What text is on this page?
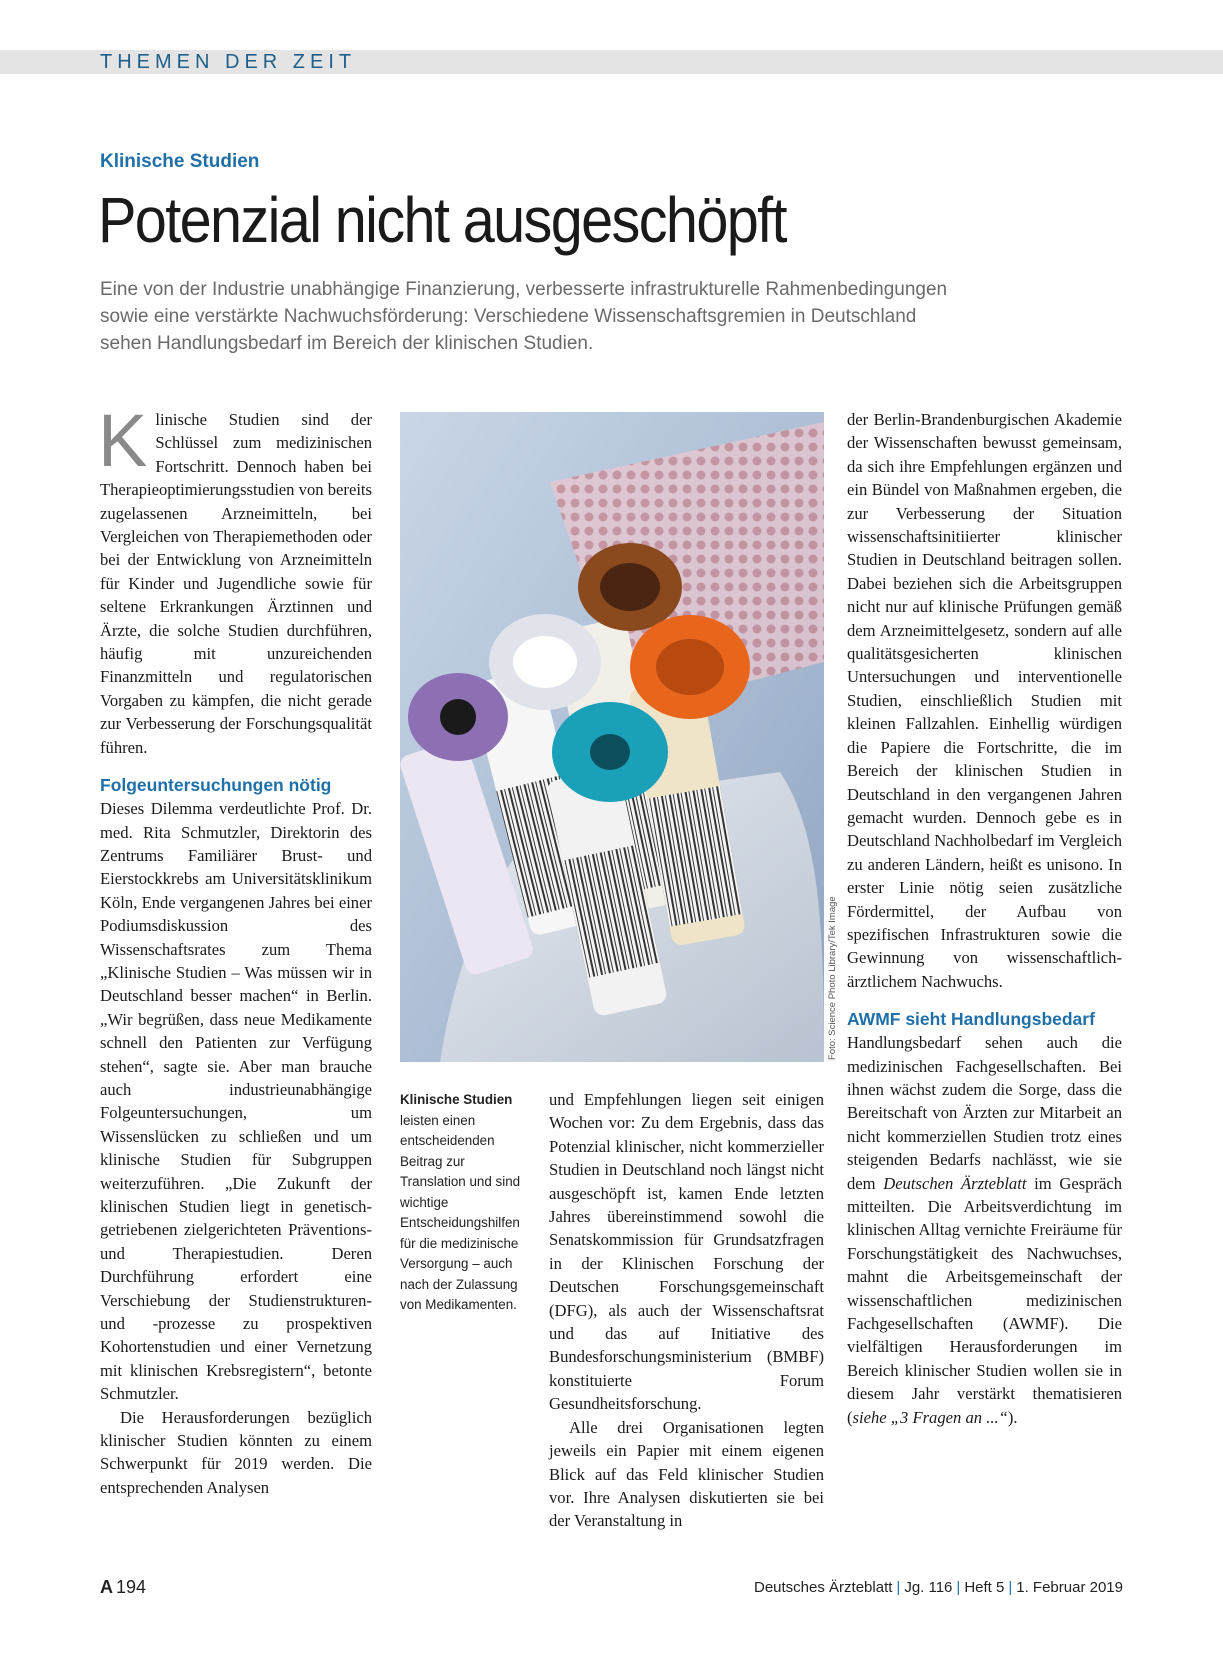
THEMEN DER ZEIT
Klinische Studien
Potenzial nicht ausgeschöpft
Eine von der Industrie unabhängige Finanzierung, verbesserte infrastrukturelle Rahmenbedingungen
sowie eine verstärkte Nachwuchsförderung: Verschiedene Wissenschaftsgremien in Deutschland
sehen Handlungsbedarf im Bereich der klinischen Studien.

Klinische Studien sind der Schlüssel zum medizinischen Fortschritt. Dennoch haben bei Therapieoptimierungsstudien von bereits zugelassenen Arzneimitteln, bei Vergleichen von Therapiemethoden oder bei der Entwicklung von Arzneimitteln für Kinder und Jugendliche sowie für seltene Erkrankungen Ärztinnen und Ärzte, die solche Studien durchführen, häufig mit unzureichenden Finanzmitteln und regulatorischen Vorgaben zu kämpfen, die nicht gerade zur Verbesserung der Forschungsqualität führen.

Folgeuntersuchungen nötig

Dieses Dilemma verdeutlichte Prof. Dr. med. Rita Schmutzler, Direktorin des Zentrums Familiärer Brust- und Eierstockkrebs am Universitätsklinikum Köln, Ende vergangenen Jahres bei einer Podiumsdiskussion des Wissenschaftsrates zum Thema „Klinische Studien – Was müssen wir in Deutschland besser machen“ in Berlin. „Wir begrüßen, dass neue Medikamente schnell den Patienten zur Verfügung stehen“, sagte sie. Aber man brauche auch industrieunabhängige Folgeuntersuchungen, um Wissenslücken zu schließen und um klinische Studien für Subgruppen weiterzuführen. „Die Zukunft der klinischen Studien liegt in genetisch-getriebenen zielgerichteten Präventions- und Therapiestudien. Deren Durchführung erfordert eine Verschiebung der Studienstrukturen- und -prozesse zu prospektiven Kohortenstudien und einer Vernetzung mit klinischen Krebsregistern“, betonte Schmutzler.

Die Herausforderungen bezüglich klinischer Studien könnten zu einem Schwerpunkt für 2019 werden. Die entsprechenden Analysen

Foto: Science Photo Library/Tek Image
Klinische Studien leisten einen entscheidenden Beitrag zur Translation und sind wichtige Entscheidungshilfen für die medizinische Versorgung – auch nach der Zulassung von Medikamenten.

und Empfehlungen liegen seit einigen Wochen vor: Zu dem Ergebnis, dass das Potenzial klinischer, nicht kommerzieller Studien in Deutschland noch längst nicht ausgeschöpft ist, kamen Ende letzten Jahres übereinstimmend sowohl die Senatskommission für Grundsatzfragen in der Klinischen Forschung der Deutschen Forschungsgemeinschaft (DFG), als auch der Wissenschaftsrat und das auf Initiative des Bundesforschungsministerium (BMBF) konstituierte Forum Gesundheitsforschung.

Alle drei Organisationen legten jeweils ein Papier mit einem eigenen Blick auf das Feld klinischer Studien vor. Ihre Analysen diskutierten sie bei der Veranstaltung in

der Berlin-Brandenburgischen Akademie der Wissenschaften bewusst gemeinsam, da sich ihre Empfehlungen ergänzen und ein Bündel von Maßnahmen ergeben, die zur Verbesserung der Situation wissenschaftsinitiierter klinischer Studien in Deutschland beitragen sollen. Dabei beziehen sich die Arbeitsgruppen nicht nur auf klinische Prüfungen gemäß dem Arzneimittelgesetz, sondern auf alle qualitätsgesicherten klinischen Untersuchungen und interventionelle Studien, einschließlich Studien mit kleinen Fallzahlen. Einhellig würdigen die Papiere die Fortschritte, die im Bereich der klinischen Studien in Deutschland in den vergangenen Jahren gemacht wurden. Dennoch gebe es in Deutschland Nachholbedarf im Vergleich zu anderen Ländern, heißt es unisono. In erster Linie nötig seien zusätzliche Fördermittel, der Aufbau von spezifischen Infrastrukturen sowie die Gewinnung von wissenschaftlich-ärztlichem Nachwuchs.

AWMF sieht Handlungsbedarf

Handlungsbedarf sehen auch die medizinischen Fachgesellschaften. Bei ihnen wächst zudem die Sorge, dass die Bereitschaft von Ärzten zur Mitarbeit an nicht kommerziellen Studien trotz eines steigenden Bedarfs nachlässt, wie sie dem Deutschen Ärzteblatt im Gespräch mitteilten. Die Arbeitsverdichtung im klinischen Alltag vernichte Freiräume für Forschungstätigkeit des Nachwuchses, mahnt die Arbeitsgemeinschaft der wissenschaftlichen medizinischen Fachgesellschaften (AWMF). Die vielfältigen Herausforderungen im Bereich klinischer Studien wollen sie in diesem Jahr verstärkt thematisieren (siehe „3 Fragen an ...“).

A 194	Deutsches Ärzteblatt | Jg. 116 | Heft 5 | 1. Februar 2019
